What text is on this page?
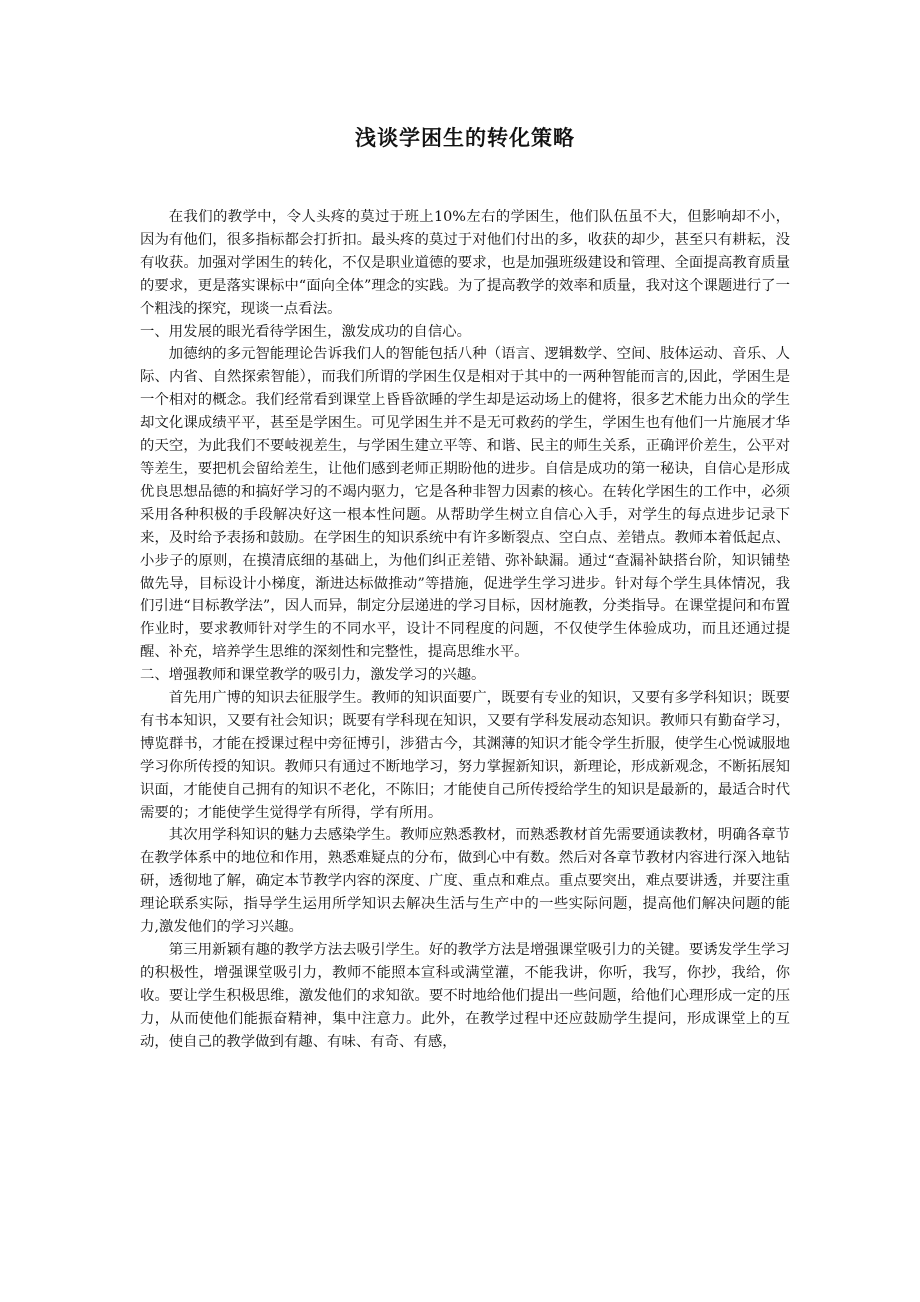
浅谈学困生的转化策略

在我们的教学中，令人头疼的莫过于班上10%左右的学困生，他们队伍虽不大，但影响却不小，因为有他们，很多指标都会打折扣。最头疼的莫过于对他们付出的多，收获的却少，甚至只有耕耘，没有收获。加强对学困生的转化，不仅是职业道德的要求，也是加强班级建设和管理、全面提高教育质量的要求，更是落实课标中“面向全体”理念的实践。为了提高教学的效率和质量，我对这个课题进行了一个粗浅的探究，现谈一点看法。

一、用发展的眼光看待学困生，激发成功的自信心。

加德纳的多元智能理论告诉我们人的智能包括八种（语言、逻辑数学、空间、肢体运动、音乐、人际、内省、自然探索智能），而我们所谓的学困生仅是相对于其中的一两种智能而言的,因此，学困生是一个相对的概念。我们经常看到课堂上昏昏欲睡的学生却是运动场上的健将，很多艺术能力出众的学生却文化课成绩平平，甚至是学困生。可见学困生并不是无可救药的学生，学困生也有他们一片施展才华的天空，为此我们不要岐视差生，与学困生建立平等、和谐、民主的师生关系，正确评价差生，公平对等差生，要把机会留给差生，让他们感到老师正期盼他的进步。自信是成功的第一秘诀，自信心是形成优良思想品德的和搞好学习的不竭内驱力，它是各种非智力因素的核心。在转化学困生的工作中，必须采用各种积极的手段解决好这一根本性问题。从帮助学生树立自信心入手，对学生的每点进步记录下来，及时给予表扬和鼓励。在学困生的知识系统中有许多断裂点、空白点、差错点。教师本着低起点、小步子的原则，在摸清底细的基础上，为他们纠正差错、弥补缺漏。通过“查漏补缺搭台阶，知识铺垫做先导，目标设计小梯度，渐进达标做推动”等措施，促进学生学习进步。针对每个学生具体情况，我们引进“目标教学法”，因人而异，制定分层递进的学习目标，因材施教，分类指导。在课堂提问和布置作业时，要求教师针对学生的不同水平，设计不同程度的问题，不仅使学生体验成功，而且还通过提醒、补充，培养学生思维的深刻性和完整性，提高思维水平。

二、增强教师和课堂教学的吸引力，激发学习的兴趣。

首先用广博的知识去征服学生。教师的知识面要广，既要有专业的知识，又要有多学科知识；既要有书本知识，又要有社会知识；既要有学科现在知识，又要有学科发展动态知识。教师只有勤奋学习，博览群书，才能在授课过程中旁征博引，涉猎古今，其渊薄的知识才能令学生折服，使学生心悦诚服地学习你所传授的知识。教师只有通过不断地学习，努力掌握新知识，新理论，形成新观念，不断拓展知识面，才能使自己拥有的知识不老化，不陈旧；才能使自己所传授给学生的知识是最新的，最适合时代需要的；才能使学生觉得学有所得，学有所用。

其次用学科知识的魅力去感染学生。教师应熟悉教材，而熟悉教材首先需要通读教材，明确各章节在教学体系中的地位和作用，熟悉难疑点的分布，做到心中有数。然后对各章节教材内容进行深入地钻研，透彻地了解，确定本节教学内容的深度、广度、重点和难点。重点要突出，难点要讲透，并要注重理论联系实际，指导学生运用所学知识去解决生活与生产中的一些实际问题，提高他们解决问题的能力,激发他们的学习兴趣。

第三用新颖有趣的教学方法去吸引学生。好的教学方法是增强课堂吸引力的关键。要诱发学生学习的积极性，增强课堂吸引力，教师不能照本宣科或满堂灌，不能我讲，你听，我写，你抄，我给，你收。要让学生积极思维，激发他们的求知欲。要不时地给他们提出一些问题，给他们心理形成一定的压力，从而使他们能振奋精神，集中注意力。此外，在教学过程中还应鼓励学生提问，形成课堂上的互动，使自己的教学做到有趣、有味、有奇、有感，
